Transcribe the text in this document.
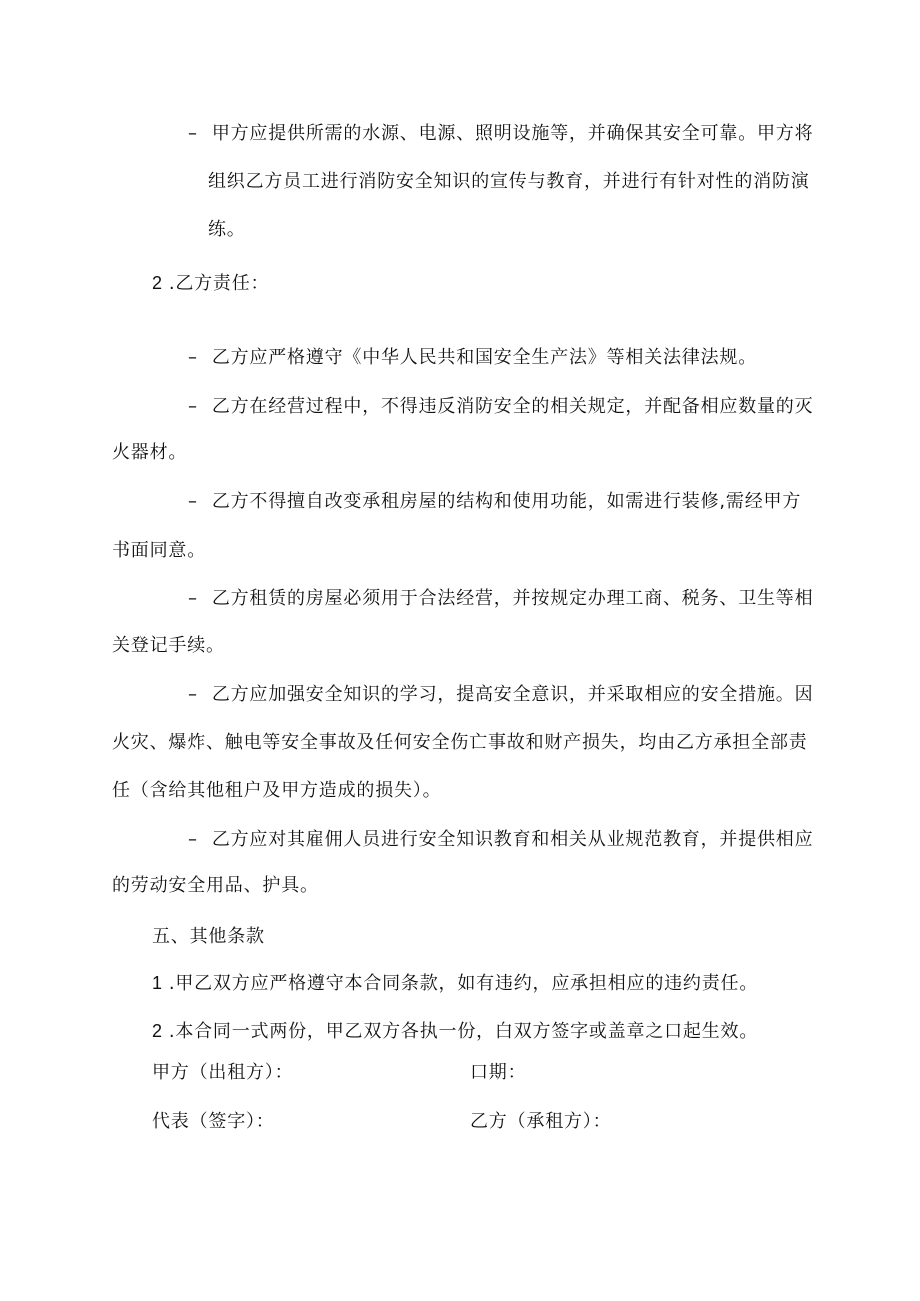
– 甲方应提供所需的水源、电源、照明设施等，并确保其安全可靠。甲方将
组织乙方员工进行消防安全知识的宣传与教育，并进行有针对性的消防演
练。
2 .乙方责任：
– 乙方应严格遵守《中华人民共和国安全生产法》等相关法律法规。
– 乙方在经营过程中，不得违反消防安全的相关规定，并配备相应数量的灭
火器材。
– 乙方不得擅自改变承租房屋的结构和使用功能，如需进行装修,需经甲方
书面同意。
– 乙方租赁的房屋必须用于合法经营，并按规定办理工商、税务、卫生等相
关登记手续。
– 乙方应加强安全知识的学习，提高安全意识，并采取相应的安全措施。因
火灾、爆炸、触电等安全事故及任何安全伤亡事故和财产损失，均由乙方承担全部责
任（含给其他租户及甲方造成的损失）。
– 乙方应对其雇佣人员进行安全知识教育和相关从业规范教育，并提供相应
的劳动安全用品、护具。
五、其他条款
1 .甲乙双方应严格遵守本合同条款，如有违约，应承担相应的违约责任。
2 .本合同一式两份，甲乙双方各执一份，白双方签字或盖章之口起生效。
甲方（出租方）：	口期：
代表（签字）：	乙方（承租方）：
